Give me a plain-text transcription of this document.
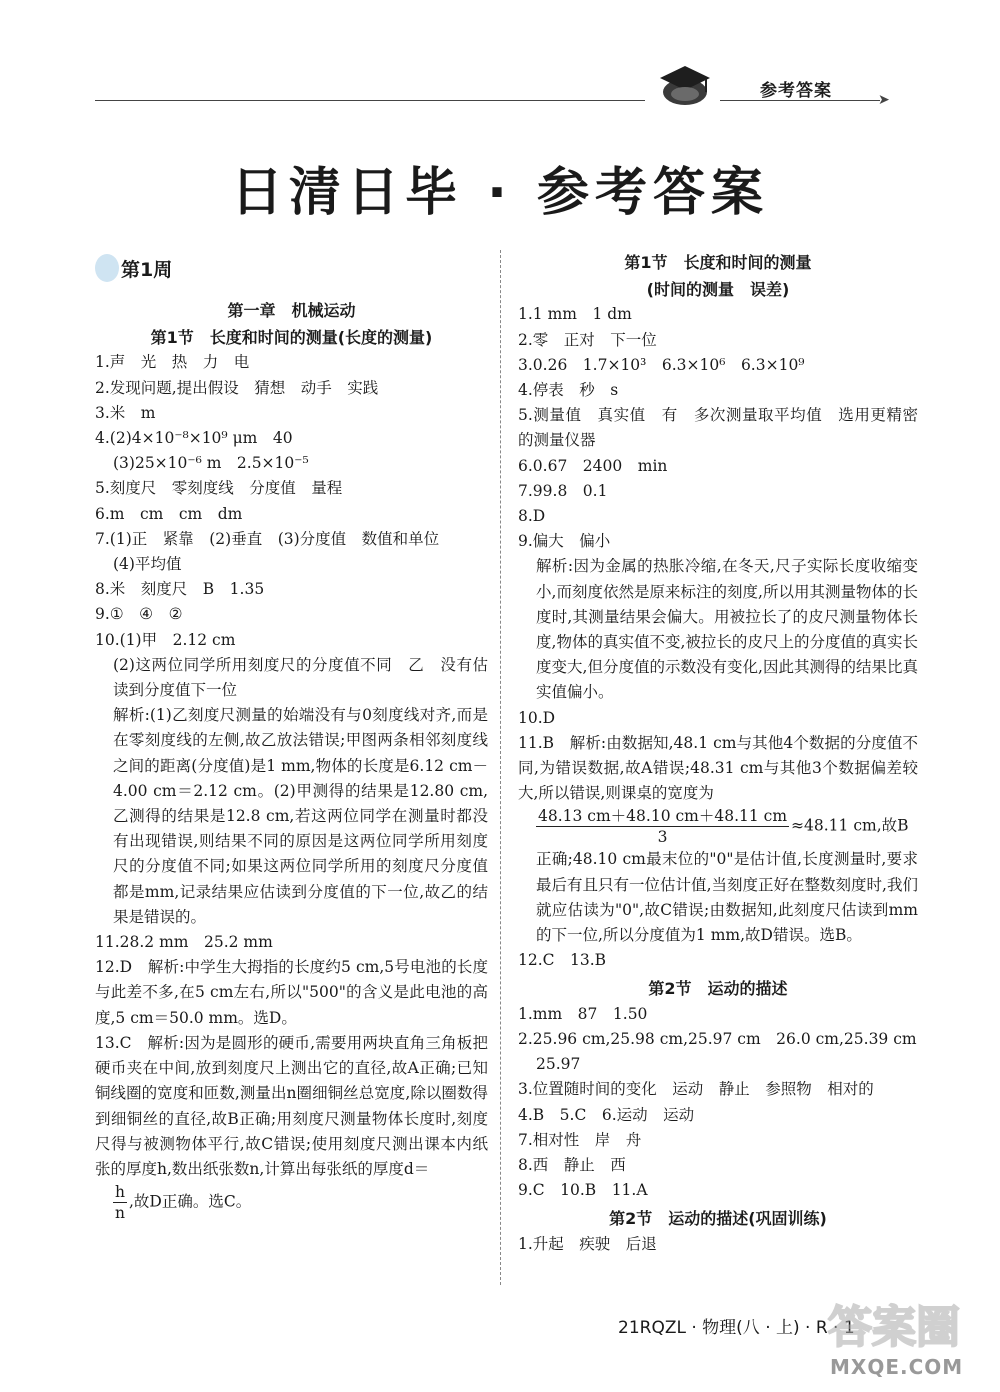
➤
参考答案
日清日毕 · 参考答案
第1周
第一章　机械运动
第1节　长度和时间的测量(长度的测量)
1.声　光　热　力　电
2.发现问题,提出假设　猜想　动手　实践
3.米　m
4.(2)4×10⁻⁸×10⁹ μm　40
(3)25×10⁻⁶ m　2.5×10⁻⁵
5.刻度尺　零刻度线　分度值　量程
6.m　cm　cm　dm
7.(1)正　紧靠　(2)垂直　(3)分度值　数值和单位
(4)平均值
8.米　刻度尺　B　1.35
9.①　④　②
10.(1)甲　2.12 cm
(2)这两位同学所用刻度尺的分度值不同　乙　没有估读到分度值下一位
解析:(1)乙刻度尺测量的始端没有与0刻度线对齐,而是在零刻度线的左侧,故乙放法错误;甲图两条相邻刻度线之间的距离(分度值)是1 mm,物体的长度是6.12 cm－4.00 cm＝2.12 cm。(2)甲测得的结果是12.80 cm,乙测得的结果是12.8 cm,若这两位同学在测量时都没有出现错误,则结果不同的原因是这两位同学所用刻度尺的分度值不同;如果这两位同学所用的刻度尺分度值都是mm,记录结果应估读到分度值的下一位,故乙的结果是错误的。
11.28.2 mm　25.2 mm
12.D　解析:中学生大拇指的长度约5 cm,5号电池的长度与此差不多,在5 cm左右,所以"500"的含义是此电池的高度,5 cm＝50.0 mm。选D。
13.C　解析:因为是圆形的硬币,需要用两块直角三角板把硬币夹在中间,放到刻度尺上测出它的直径,故A正确;已知铜线圈的宽度和匝数,测量出n圈细铜丝总宽度,除以圈数得到细铜丝的直径,故B正确;用刻度尺测量物体长度时,刻度尺得与被测物体平行,故C错误;使用刻度尺测出课本内纸张的厚度h,数出纸张数n,计算出每张纸的厚度d＝
$\frac{h}{n}$ ,故D正确。选C。
第1节　长度和时间的测量
(时间的测量　误差)
1.1 mm　1 dm
2.零　正对　下一位
3.0.26　1.7×10³　6.3×10⁶　6.3×10⁹
4.停表　秒　s
5.测量值　真实值　有　多次测量取平均值　选用更精密的测量仪器
6.0.67　2400　min
7.99.8　0.1
8.D
9.偏大　偏小
解析:因为金属的热胀冷缩,在冬天,尺子实际长度收缩变小,而刻度依然是原来标注的刻度,所以用其测量物体的长度时,其测量结果会偏大。用被拉长了的皮尺测量物体长度,物体的真实值不变,被拉长的皮尺上的分度值的真实长度变大,但分度值的示数没有变化,因此其测得的结果比真实值偏小。
10.D
11.B　解析:由数据知,48.1 cm与其他4个数据的分度值不同,为错误数据,故A错误;48.31 cm与其他3个数据偏差较大,所以错误,则课桌的宽度为
$\frac{48.13 cm+48.10 cm+48.11 cm}{3} \approx 48.11$ cm,故B
正确;48.10 cm最末位的"0"是估计值,长度测量时,要求最后有且只有一位估计值,当刻度正好在整数刻度时,我们就应估读为"0",故C错误;由数据知,此刻度尺估读到mm的下一位,所以分度值为1 mm,故D错误。选B。
12.C　13.B
第2节　运动的描述
1.mm　87　1.50
2.25.96 cm,25.98 cm,25.97 cm　26.0 cm,25.39 cm
25.97
3.位置随时间的变化　运动　静止　参照物　相对的
4.B　5.C　6.运动　运动
7.相对性　岸　舟
8.西　静止　西
9.C　10.B　11.A
第2节　运动的描述(巩固训练)
1.升起　疾驶　后退
21RQZL · 物理(八 · 上) · R · 1
答案圈
MXQE.COM
